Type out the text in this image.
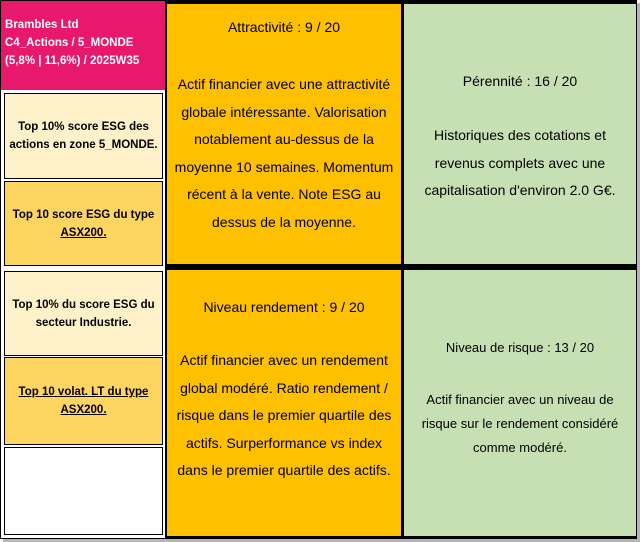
Brambles Ltd
C4_Actions / 5_MONDE
(5,8% | 11,6%) / 2025W35
Top 10% score ESG des actions en zone 5_MONDE.
Top 10 score ESG du type
ASX200.
Top 10% du score ESG du secteur Industrie.
Top 10 volat. LT du type
ASX200.
Attractivité : 9 / 20
Actif financier avec une attractivité globale intéressante. Valorisation notablement au-dessus de la moyenne 10 semaines. Momentum récent à la vente. Note ESG au dessus de la moyenne.
Pérennité : 16 / 20
Historiques des cotations et revenus complets avec une capitalisation d'environ 2.0 G€.
Niveau rendement : 9 / 20
Actif financier avec un rendement global modéré. Ratio rendement / risque dans le premier quartile des actifs. Surperformance vs index dans le premier quartile des actifs.
Niveau de risque : 13 / 20
Actif financier avec un niveau de risque sur le rendement considéré comme modéré.
